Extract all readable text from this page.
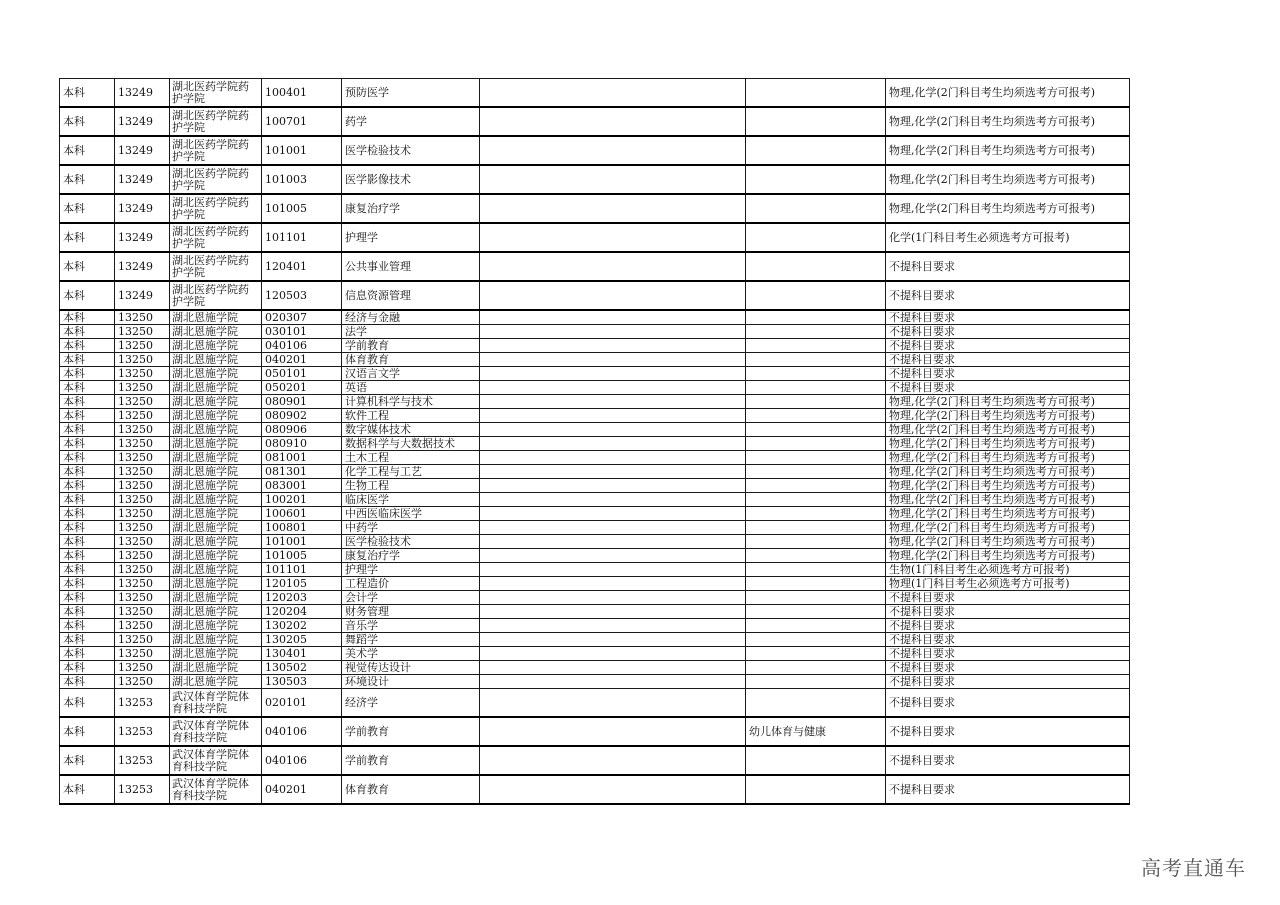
本科	13249	湖北医药学院药护学院	100401	预防医学			物理,化学(2门科目考生均须选考方可报考)
本科	13249	湖北医药学院药护学院	100701	药学			物理,化学(2门科目考生均须选考方可报考)
本科	13249	湖北医药学院药护学院	101001	医学检验技术			物理,化学(2门科目考生均须选考方可报考)
本科	13249	湖北医药学院药护学院	101003	医学影像技术			物理,化学(2门科目考生均须选考方可报考)
本科	13249	湖北医药学院药护学院	101005	康复治疗学			物理,化学(2门科目考生均须选考方可报考)
本科	13249	湖北医药学院药护学院	101101	护理学			化学(1门科目考生必须选考方可报考)
本科	13249	湖北医药学院药护学院	120401	公共事业管理			不提科目要求
本科	13249	湖北医药学院药护学院	120503	信息资源管理			不提科目要求
本科	13250	湖北恩施学院	020307	经济与金融			不提科目要求
本科	13250	湖北恩施学院	030101	法学			不提科目要求
本科	13250	湖北恩施学院	040106	学前教育			不提科目要求
本科	13250	湖北恩施学院	040201	体育教育			不提科目要求
本科	13250	湖北恩施学院	050101	汉语言文学			不提科目要求
本科	13250	湖北恩施学院	050201	英语			不提科目要求
本科	13250	湖北恩施学院	080901	计算机科学与技术			物理,化学(2门科目考生均须选考方可报考)
本科	13250	湖北恩施学院	080902	软件工程			物理,化学(2门科目考生均须选考方可报考)
本科	13250	湖北恩施学院	080906	数字媒体技术			物理,化学(2门科目考生均须选考方可报考)
本科	13250	湖北恩施学院	080910	数据科学与大数据技术			物理,化学(2门科目考生均须选考方可报考)
本科	13250	湖北恩施学院	081001	土木工程			物理,化学(2门科目考生均须选考方可报考)
本科	13250	湖北恩施学院	081301	化学工程与工艺			物理,化学(2门科目考生均须选考方可报考)
本科	13250	湖北恩施学院	083001	生物工程			物理,化学(2门科目考生均须选考方可报考)
本科	13250	湖北恩施学院	100201	临床医学			物理,化学(2门科目考生均须选考方可报考)
本科	13250	湖北恩施学院	100601	中西医临床医学			物理,化学(2门科目考生均须选考方可报考)
本科	13250	湖北恩施学院	100801	中药学			物理,化学(2门科目考生均须选考方可报考)
本科	13250	湖北恩施学院	101001	医学检验技术			物理,化学(2门科目考生均须选考方可报考)
本科	13250	湖北恩施学院	101005	康复治疗学			物理,化学(2门科目考生均须选考方可报考)
本科	13250	湖北恩施学院	101101	护理学			生物(1门科目考生必须选考方可报考)
本科	13250	湖北恩施学院	120105	工程造价			物理(1门科目考生必须选考方可报考)
本科	13250	湖北恩施学院	120203	会计学			不提科目要求
本科	13250	湖北恩施学院	120204	财务管理			不提科目要求
本科	13250	湖北恩施学院	130202	音乐学			不提科目要求
本科	13250	湖北恩施学院	130205	舞蹈学			不提科目要求
本科	13250	湖北恩施学院	130401	美术学			不提科目要求
本科	13250	湖北恩施学院	130502	视觉传达设计			不提科目要求
本科	13250	湖北恩施学院	130503	环境设计			不提科目要求
本科	13253	武汉体育学院体育科技学院	020101	经济学			不提科目要求
本科	13253	武汉体育学院体育科技学院	040106	学前教育		幼儿体育与健康	不提科目要求
本科	13253	武汉体育学院体育科技学院	040106	学前教育			不提科目要求
本科	13253	武汉体育学院体育科技学院	040201	体育教育			不提科目要求
高考直通车
